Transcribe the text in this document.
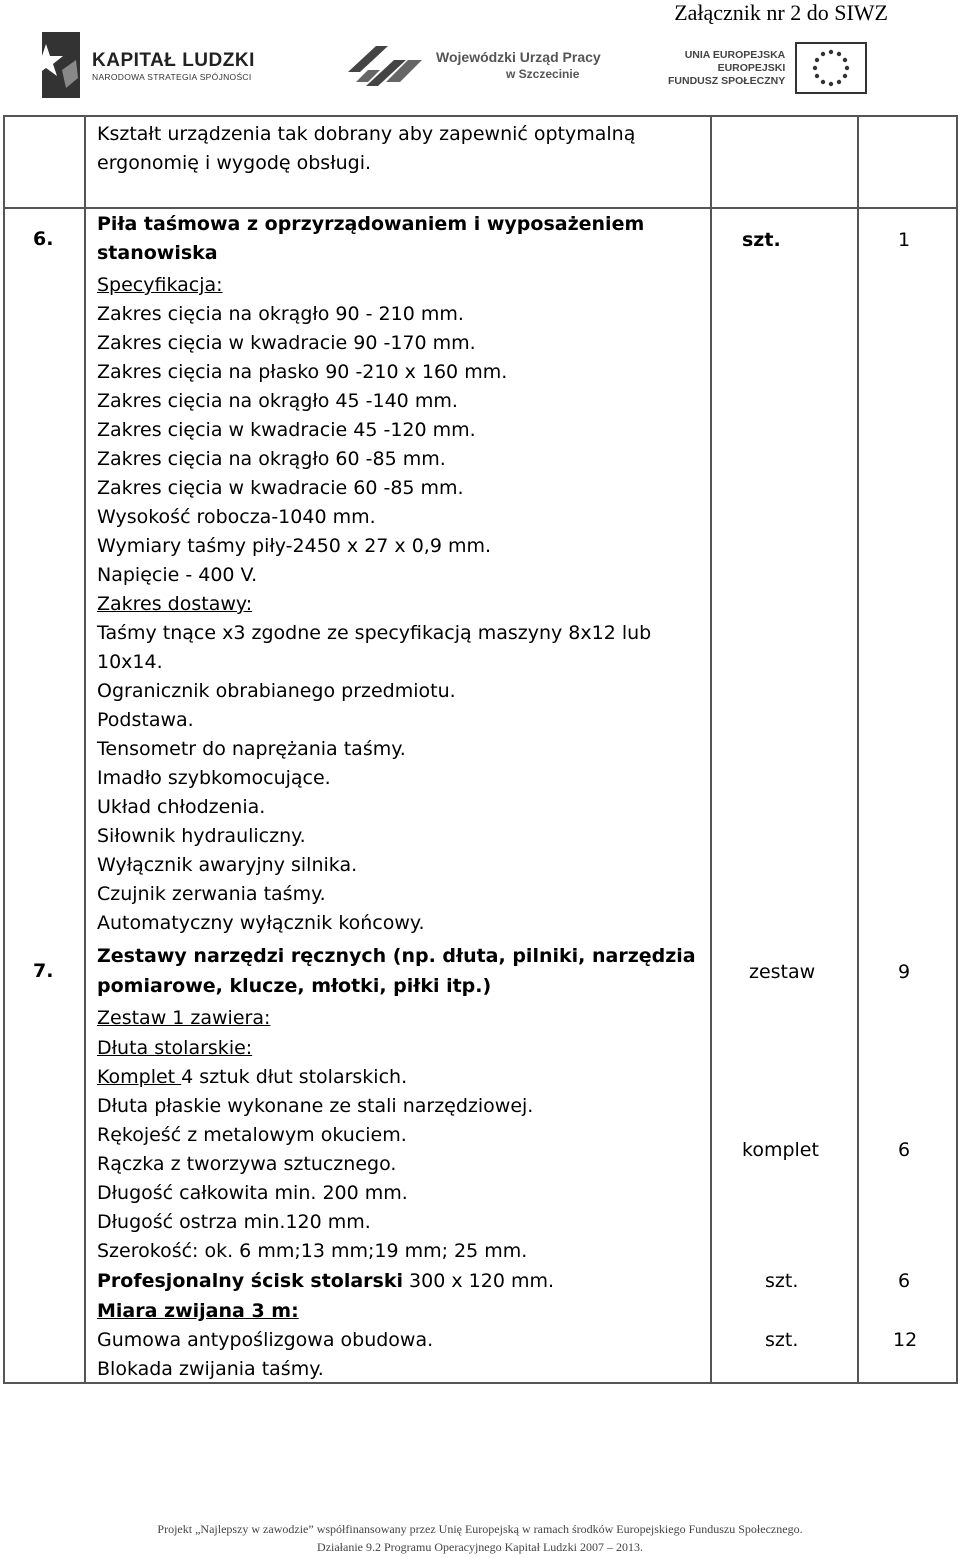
Załącznik nr 2 do SIWZ
KAPITAŁ LUDZKI
NARODOWA STRATEGIA SPÓJNOŚCI
Wojewódzki Urząd Pracy
w Szczecinie
UNIA EUROPEJSKA
EUROPEJSKI
FUNDUSZ SPOŁECZNY
Kształt urządzenia tak dobrany aby zapewnić optymalną
ergonomię i wygodę obsługi.
6.
Piła taśmowa z oprzyrządowaniem i wyposażeniem
stanowiska
Specyfikacja:
Zakres cięcia na okrągło 90 - 210 mm.
Zakres cięcia w kwadracie 90 -170 mm.
Zakres cięcia na płasko 90 -210 x 160 mm.
Zakres cięcia na okrągło 45 -140 mm.
Zakres cięcia w kwadracie 45 -120 mm.
Zakres cięcia na okrągło 60 -85 mm.
Zakres cięcia w kwadracie 60 -85 mm.
Wysokość robocza-1040 mm.
Wymiary taśmy piły-2450 x 27 x 0,9 mm.
Napięcie - 400 V.
Zakres dostawy:
Taśmy tnące x3 zgodne ze specyfikacją maszyny 8x12 lub
10x14.
Ogranicznik obrabianego przedmiotu.
Podstawa.
Tensometr do naprężania taśmy.
Imadło szybkomocujące.
Układ chłodzenia.
Siłownik hydrauliczny.
Wyłącznik awaryjny silnika.
Czujnik zerwania taśmy.
Automatyczny wyłącznik końcowy.
szt.	1
7.
Zestawy narzędzi ręcznych (np. dłuta, pilniki, narzędzia
pomiarowe, klucze, młotki, piłki itp.)
zestaw	9
Zestaw 1 zawiera:
Dłuta stolarskie:
Komplet 4 sztuk dłut stolarskich.
Dłuta płaskie wykonane ze stali narzędziowej.
Rękojeść z metalowym okuciem.
Rączka z tworzywa sztucznego.
Długość całkowita min. 200 mm.
Długość ostrza min.120 mm.
Szerokość: ok. 6 mm;13 mm;19 mm; 25 mm.
komplet	6
Profesjonalny ścisk stolarski 300 x 120 mm.	szt.	6
Miara zwijana 3 m:
Gumowa antypoślizgowa obudowa.
Blokada zwijania taśmy.
szt.	12
Projekt „Najlepszy w zawodzie” współfinansowany przez Unię Europejską w ramach środków Europejskiego Funduszu Społecznego.
Działanie 9.2 Programu Operacyjnego Kapitał Ludzki 2007 – 2013.
